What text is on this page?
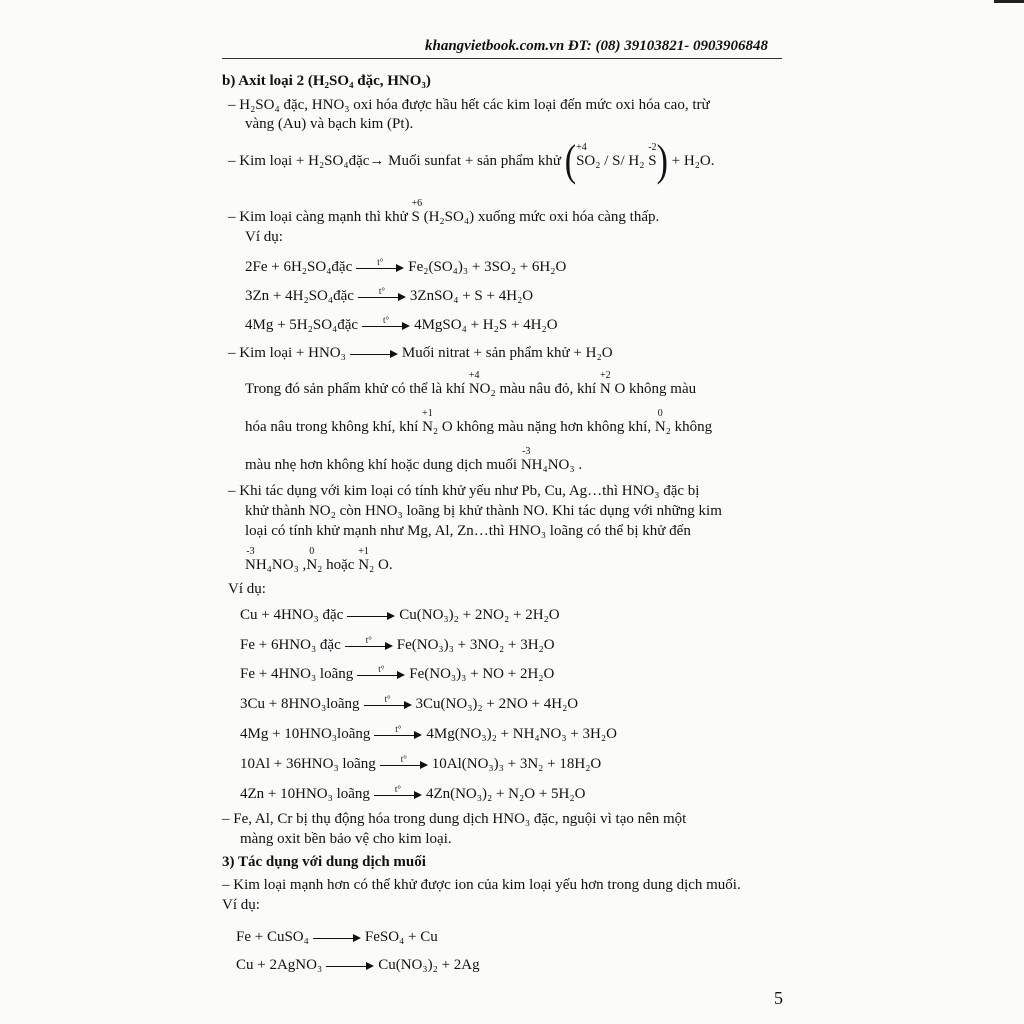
khangvietbook.com.vn ĐT: (08) 39103821- 0903906848
b) Axit loại 2 (H₂SO₄ đặc, HNO₃)
– H₂SO₄ đặc, HNO₃ oxi hóa được hầu hết các kim loại đến mức oxi hóa cao, trừ
vàng (Au) và bạch kim (Pt).
– Kim loại + H₂SO₄đặc→ Muối sunfat + sản phẩm khử ( +4
SO₂ / S/ H₂
-2
S) + H₂O.
– Kim loại càng mạnh thì khử
+6
S (H₂SO₄) xuống mức oxi hóa càng thấp.
Ví dụ:
2Fe + 6H₂SO₄đặc	t°	Fe₂(SO₄)₃ + 3SO₂ + 6H₂O
3Zn + 4H₂SO₄đặc	t°	3ZnSO₄ + S + 4H₂O
4Mg + 5H₂SO₄đặc	t°	4MgSO₄ + H₂S + 4H₂O
– Kim loại + HNO₃	Muối nitrat + sản phẩm khử + H₂O
Trong đó sản phẩm khử có thể là khí
+4
NO₂ màu nâu đỏ, khí
+2
N O không màu
hóa nâu trong không khí, khí
+1
N₂ O không màu nặng hơn không khí,
0
N₂ không
màu nhẹ hơn không khí hoặc dung dịch muối
-3
NH₄NO₃ .
– Khi tác dụng với kim loại có tính khử yếu như Pb, Cu, Ag…thì HNO₃ đặc bị
khử thành NO₂ còn HNO₃ loãng bị khử thành NO. Khi tác dụng với những kim
loại có tính khử mạnh như Mg, Al, Zn…thì HNO₃ loãng có thể bị khử đến
-3
NH₄NO₃ ,
0
N₂ hoặc
+1
N₂ O.
Ví dụ:
Cu + 4HNO₃ đặc	Cu(NO₃)₂ + 2NO₂ + 2H₂O
Fe + 6HNO₃ đặc	t°	Fe(NO₃)₃ + 3NO₂ + 3H₂O
Fe + 4HNO₃ loãng	t°	Fe(NO₃)₃ + NO + 2H₂O
3Cu + 8HNO₃loãng	t°	3Cu(NO₃)₂ + 2NO + 4H₂O
4Mg + 10HNO₃loãng	t°	4Mg(NO₃)₂ + NH₄NO₃ + 3H₂O
10Al + 36HNO₃ loãng	t°	10Al(NO₃)₃ + 3N₂ + 18H₂O
4Zn + 10HNO₃ loãng	t°	4Zn(NO₃)₂ + N₂O + 5H₂O
– Fe, Al, Cr bị thụ động hóa trong dung dịch HNO₃ đặc, nguội vì tạo nên một
màng oxit bền bảo vệ cho kim loại.
3) Tác dụng với dung dịch muối
– Kim loại mạnh hơn có thể khử được ion của kim loại yếu hơn trong dung dịch muối.
Ví dụ:
Fe + CuSO₄	FeSO₄ + Cu
Cu + 2AgNO₃	Cu(NO₃)₂ + 2Ag
5
